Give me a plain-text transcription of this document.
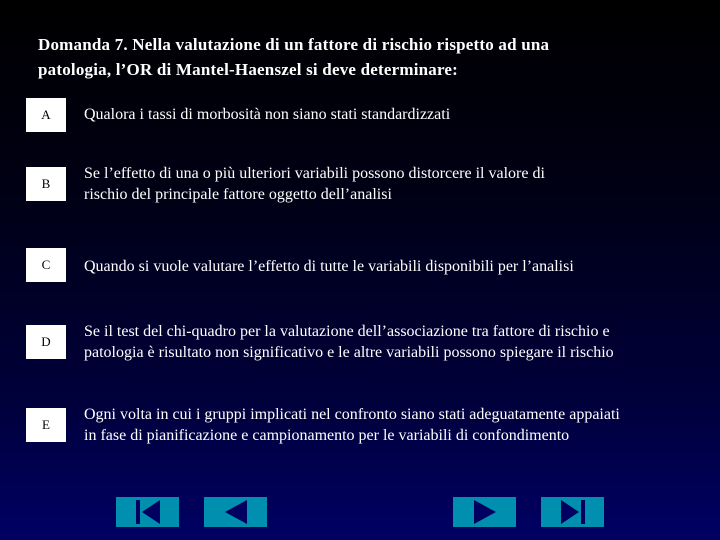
Domanda 7. Nella valutazione di un fattore di rischio rispetto ad una
patologia, l’OR di Mantel-Haenszel si deve determinare:
A Qualora i tassi di morbosità non siano stati standardizzati
B
Se l’effetto di una o più ulteriori variabili possono distorcere il valore di
rischio del principale fattore oggetto dell’analisi
C Quando si vuole valutare l’effetto di tutte le variabili disponibili per l’analisi
D
Se il test del chi-quadro per la valutazione dell’associazione tra fattore di rischio e
patologia è risultato non significativo e le altre variabili possono spiegare il rischio
E
Ogni volta in cui i gruppi implicati nel confronto siano stati adeguatamente appaiati
in fase di pianificazione e campionamento per le variabili di confondimento
